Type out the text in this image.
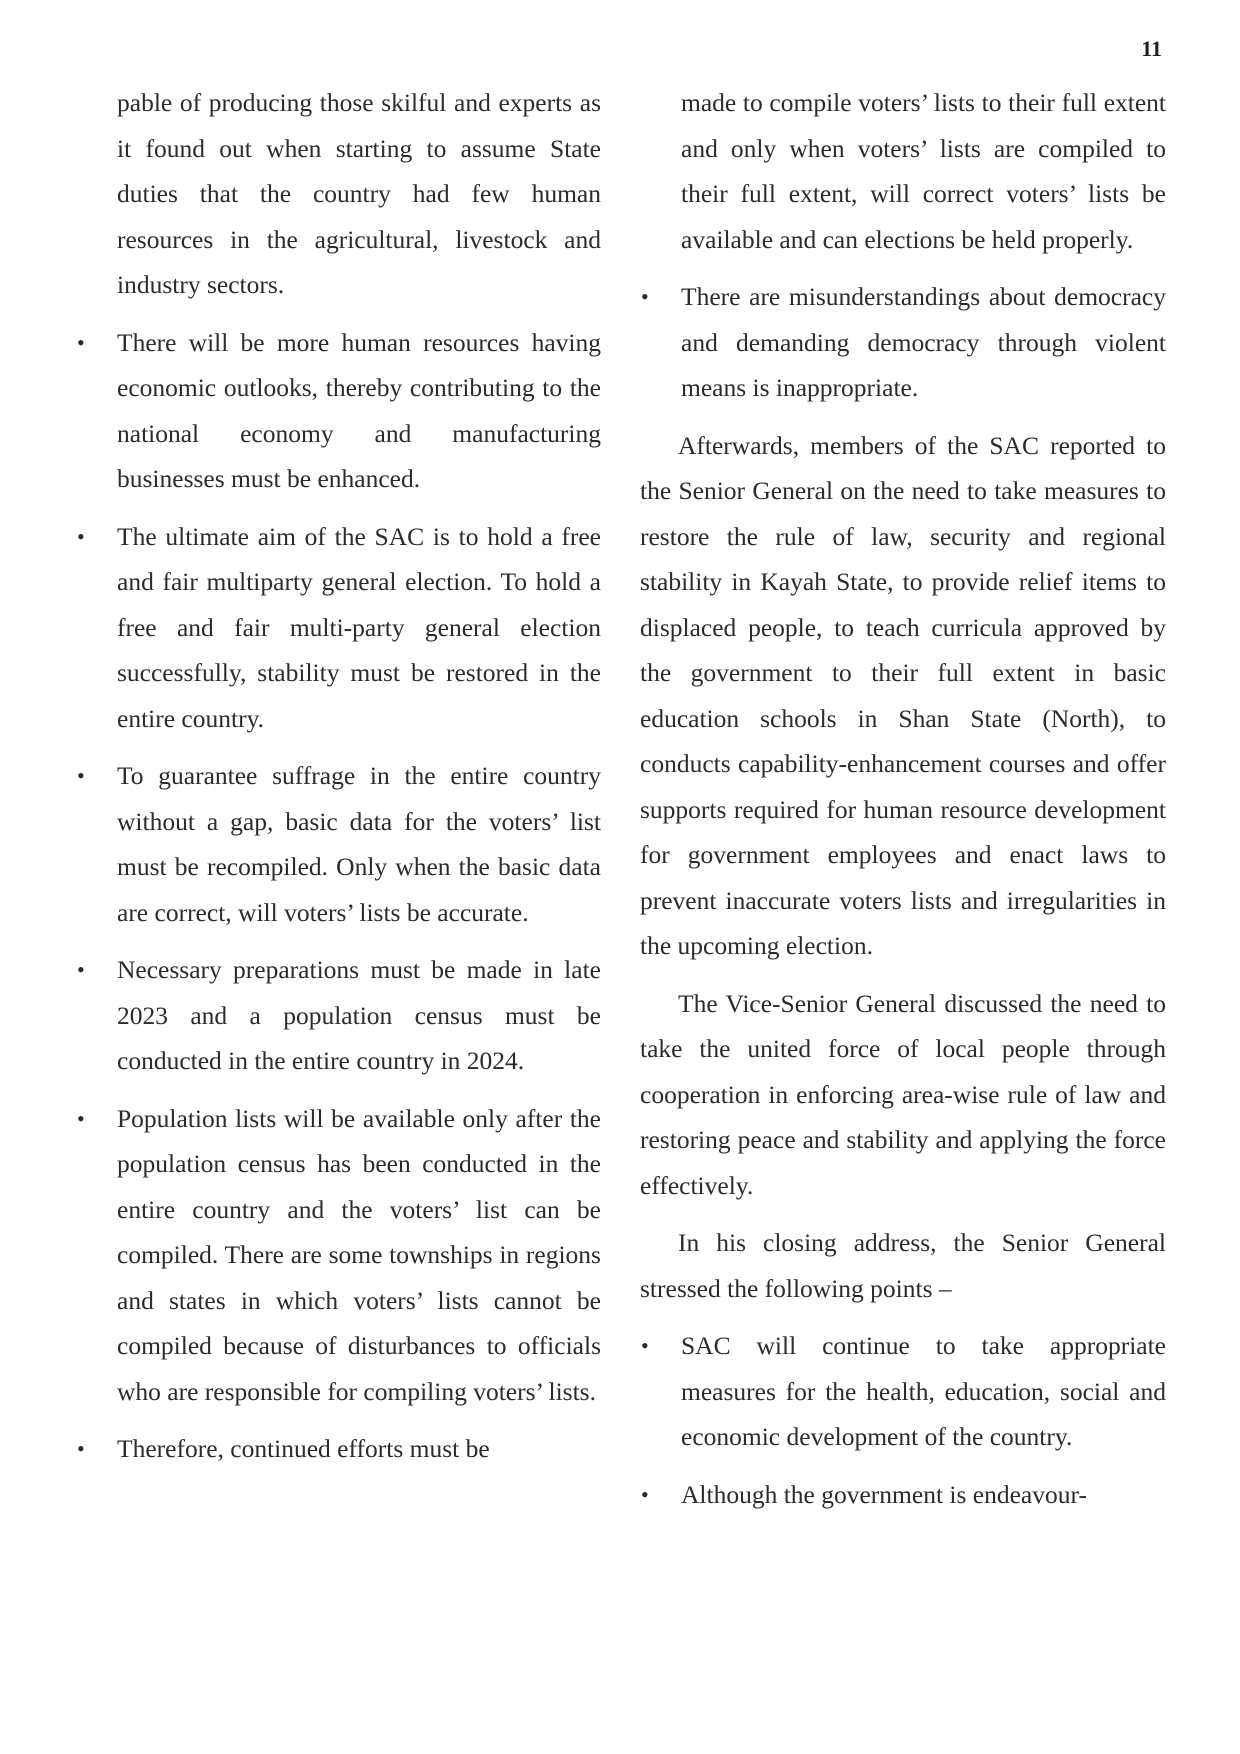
11

pable of producing those skilful and experts as it found out when starting to assume State duties that the country had few human resources in the agricultural, livestock and industry sectors.

• There will be more human resources having economic outlooks, thereby contributing to the national economy and manufacturing businesses must be enhanced.
• The ultimate aim of the SAC is to hold a free and fair multiparty general election. To hold a free and fair multi-party general election successfully, stability must be restored in the entire country.
• To guarantee suffrage in the entire country without a gap, basic data for the voters’ list must be recompiled. Only when the basic data are correct, will voters’ lists be accurate.
• Necessary preparations must be made in late 2023 and a population census must be conducted in the entire country in 2024.
• Population lists will be available only after the population census has been conducted in the entire country and the voters’ list can be compiled. There are some townships in regions and states in which voters’ lists cannot be compiled because of disturbances to officials who are responsible for compiling voters’ lists.
• Therefore, continued efforts must be

made to compile voters’ lists to their full extent and only when voters’ lists are compiled to their full extent, will correct voters’ lists be available and can elections be held properly.

• There are misunderstandings about democracy and demanding democracy through violent means is inappropriate.

Afterwards, members of the SAC reported to the Senior General on the need to take measures to restore the rule of law, security and regional stability in Kayah State, to provide relief items to displaced people, to teach curricula approved by the government to their full extent in basic education schools in Shan State (North), to conducts capability-enhancement courses and offer supports required for human resource development for government employees and enact laws to prevent inaccurate voters lists and irregularities in the upcoming election.

The Vice-Senior General discussed the need to take the united force of local people through cooperation in enforcing area-wise rule of law and restoring peace and stability and applying the force effectively.

In his closing address, the Senior General stressed the following points –

• SAC will continue to take appropriate measures for the health, education, social and economic development of the country.
• Although the government is endeavour-
